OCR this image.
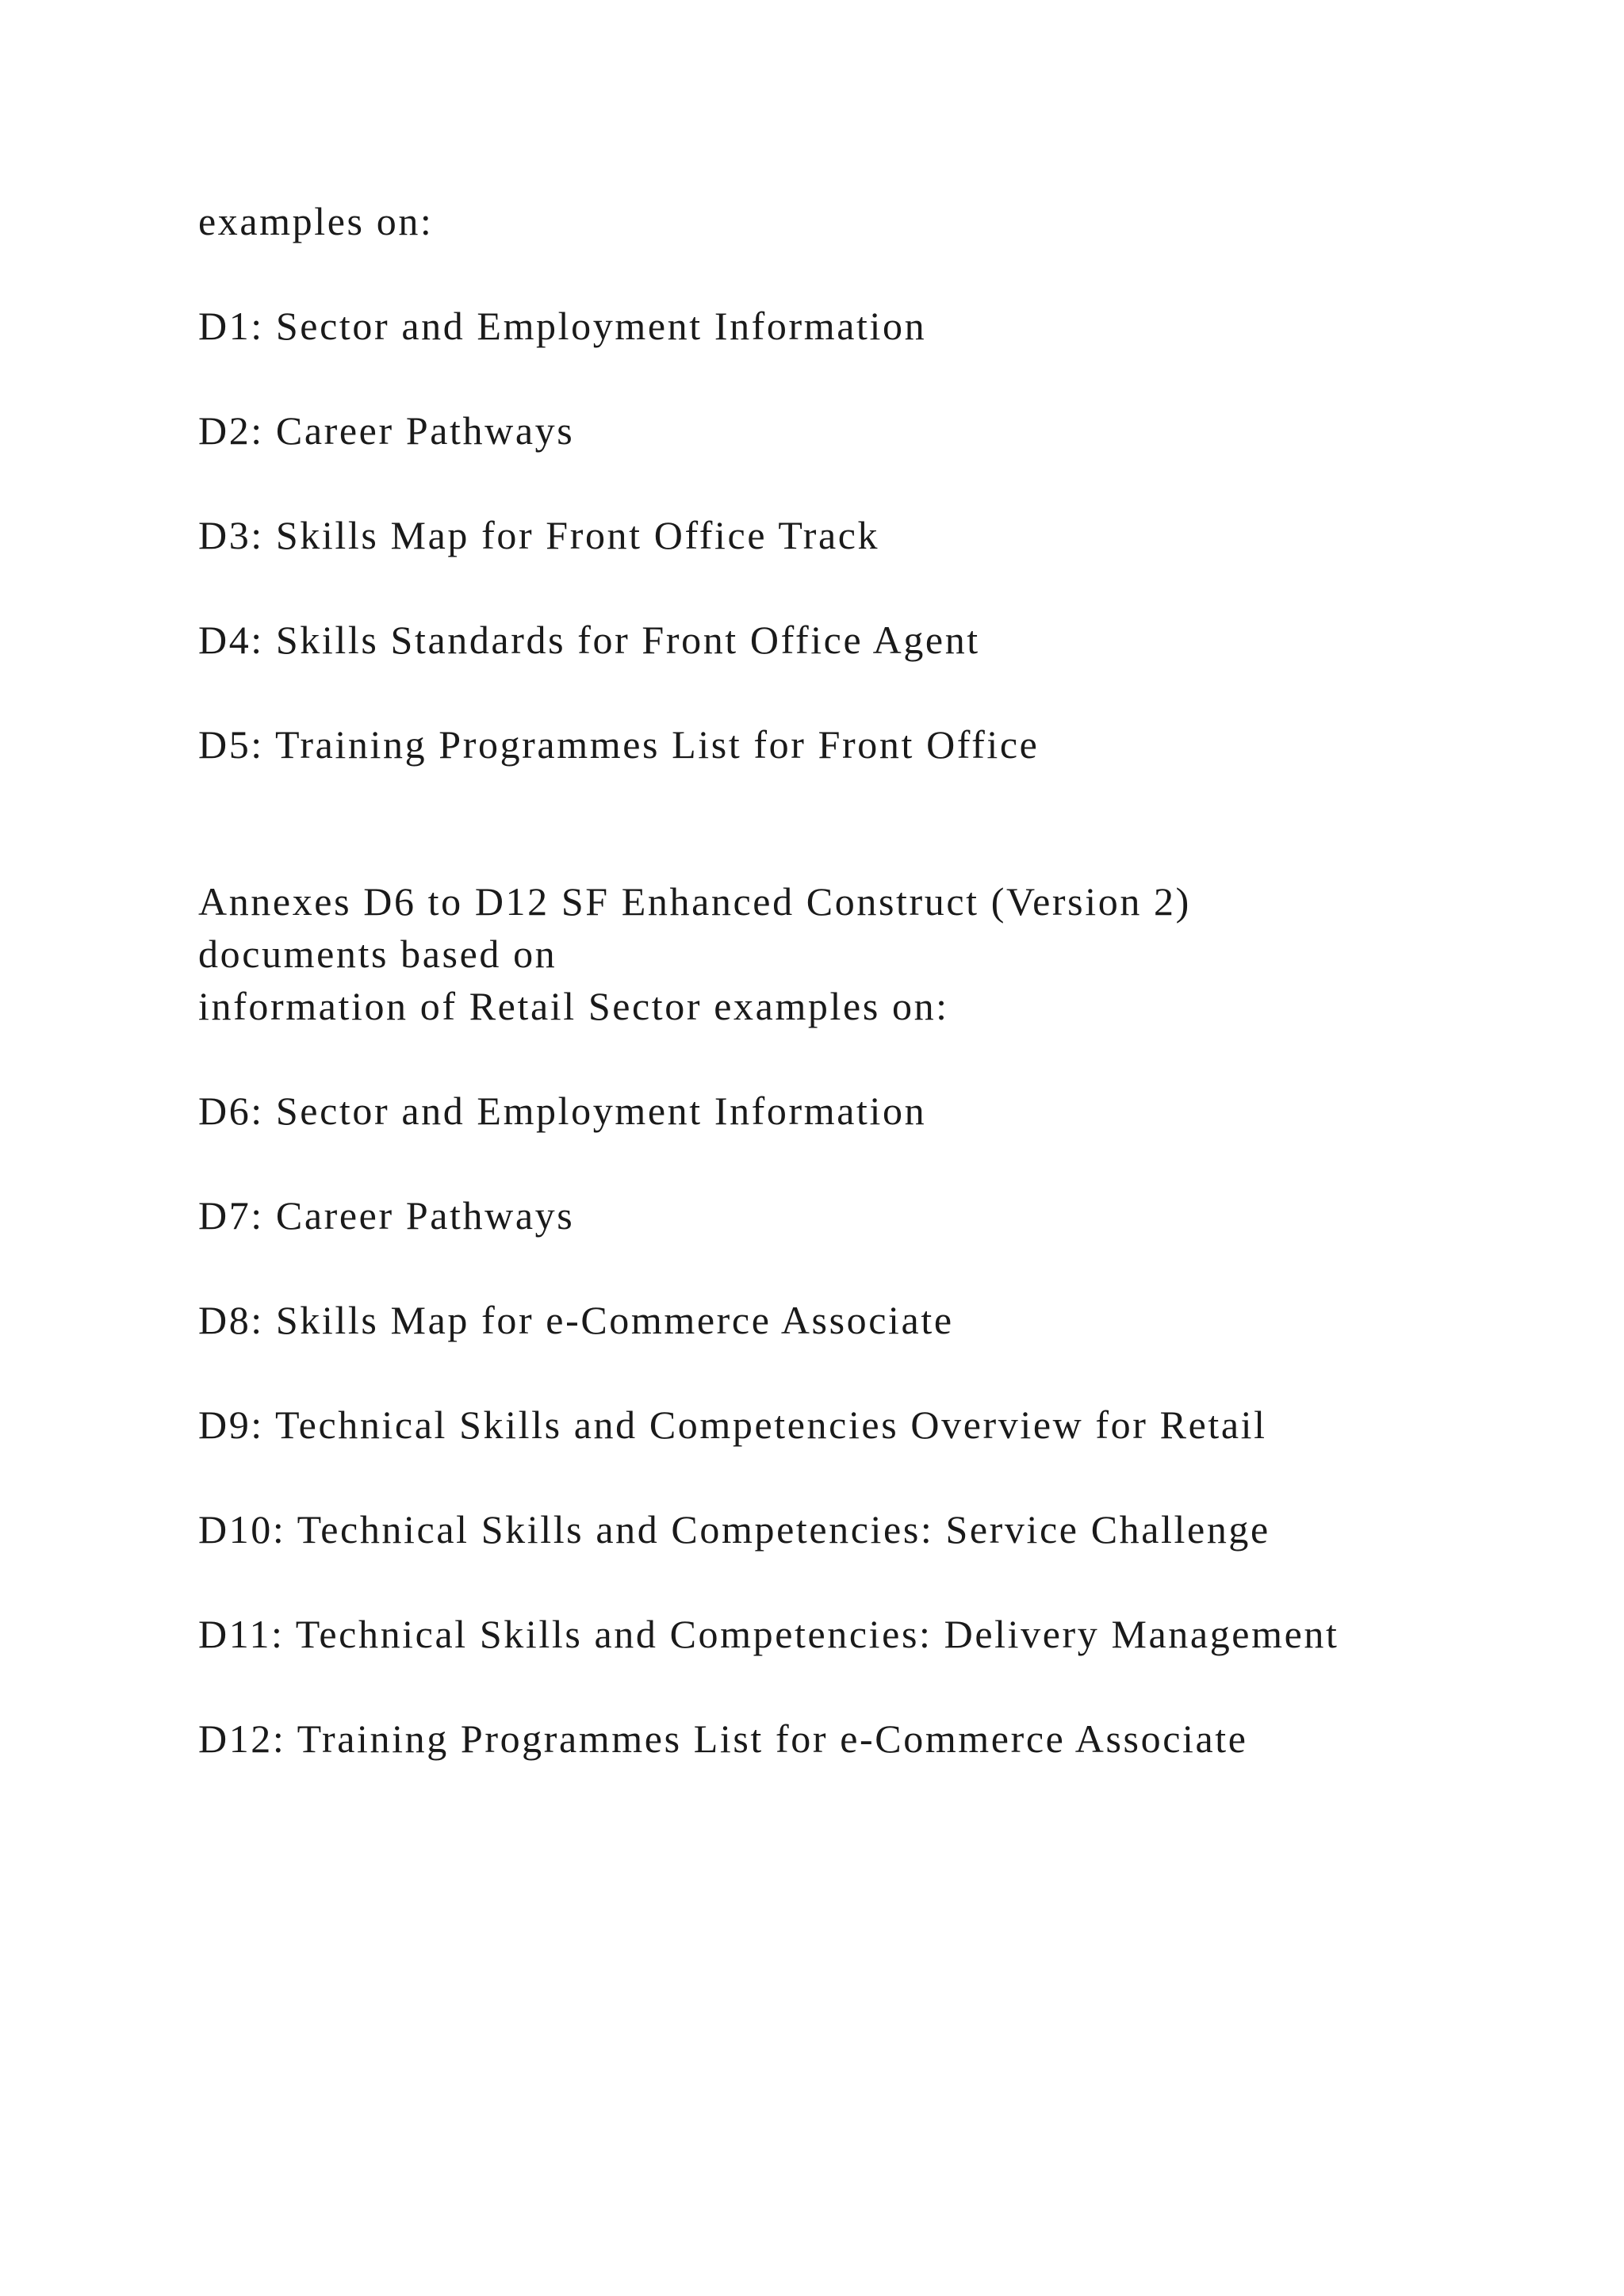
examples on:

D1: Sector and Employment Information

D2: Career Pathways

D3: Skills Map for Front Office Track

D4: Skills Standards for Front Office Agent

D5: Training Programmes List for Front Office

Annexes D6 to D12 SF Enhanced Construct (Version 2)

documents based on

information of Retail Sector examples on:

D6: Sector and Employment Information

D7: Career Pathways

D8: Skills Map for e-Commerce Associate

D9: Technical Skills and Competencies Overview for Retail

D10: Technical Skills and Competencies: Service Challenge

D11: Technical Skills and Competencies: Delivery Management

D12: Training Programmes List for e-Commerce Associate
